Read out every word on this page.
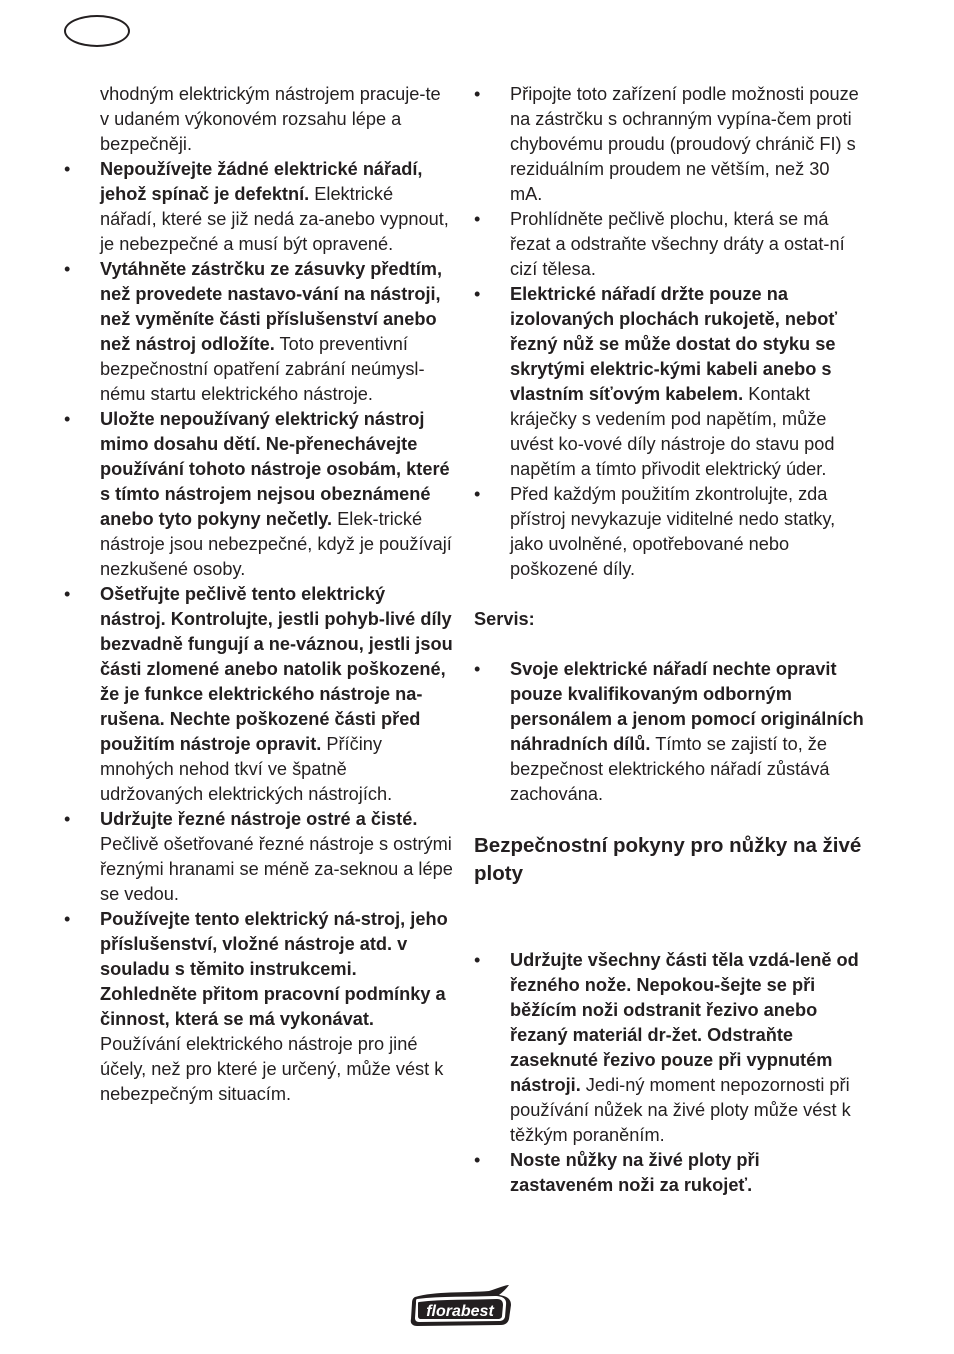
vhodným elektrickým nástrojem pracuje-te v udaném výkonovém rozsahu lépe a bezpečněji.
•	Nepoužívejte žádné elektrické nářadí, jehož spínač je defektní. Elektrické nářadí, které se již nedá za-anebo vypnout, je nebezpečné a musí být opravené.
•	Vytáhněte zástrčku ze zásuvky předtím, než provedete nastavo-vání na nástroji, než vyměníte části příslušenství anebo než nástroj odložíte. Toto preventivní bezpečnostní opatření zabrání neúmysl-nému startu elektrického nástroje.
•	Uložte nepoužívaný elektrický nástroj mimo dosahu dětí. Ne-přenechávejte používání tohoto nástroje osobám, které s tímto nástrojem nejsou obeznámené anebo tyto pokyny nečetly. Elek-trické nástroje jsou nebezpečné, když je používají nezkušené osoby.
•	Ošetřujte pečlivě tento elektrický nástroj. Kontrolujte, jestli pohyb-livé díly bezvadně fungují a ne-váznou, jestli jsou části zlomené anebo natolik poškozené, že je funkce elektrického nástroje na-rušena. Nechte poškozené části před použitím nástroje opravit. Příčiny mnohých nehod tkví ve špatně udržovaných elektrických nástrojích.
•	Udržujte řezné nástroje ostré a čisté. Pečlivě ošetřované řezné nástroje s ostrými řeznými hranami se méně za-seknou a lépe se vedou.
•	Používejte tento elektrický ná-stroj, jeho příslušenství, vložné nástroje atd. v souladu s těmito instrukcemi.
Zohledněte přitom pracovní podmínky a činnost, která se má vykonávat. Používání elektrického nástroje pro jiné účely, než pro které je určený, může vést k nebezpečným situacím.
•	Připojte toto zařízení podle možnosti pouze na zástrčku s ochranným vypína-čem proti chybovému proudu (proudový chránič FI) s reziduálním proudem ne větším, než 30 mA.
•	Prohlídněte pečlivě plochu, která se má řezat a odstraňte všechny dráty a ostat-ní cizí tělesa.
•	Elektrické nářadí držte pouze na izolovaných plochách rukojetě, neboť řezný nůž se může dostat do styku se skrytými elektric-kými kabeli anebo s vlastním síťovým kabelem. Kontakt kráječky s vedením pod napětím, může uvést ko-vové díly nástroje do stavu pod napětím a tímto přivodit elektrický úder.
•	Před každým použitím zkontrolujte, zda přístroj nevykazuje viditelné nedo statky, jako uvolněné, opotřebované nebo poškozené díly.

Servis:

•	Svoje elektrické nářadí nechte opravit pouze kvalifikovaným odborným personálem a jenom pomocí originálních náhradních dílů. Tímto se zajistí to, že bezpečnost elektrického nářadí zůstává zachována.

Bezpečnostní pokyny pro nůžky na živé ploty

•	Udržujte všechny části těla vzdá-leně od řezného nože. Nepokou-šejte se při běžícím noži odstranit řezivo anebo řezaný materiál dr-žet. Odstraňte zaseknuté řezivo pouze při vypnutém nástroji. Jedi-ný moment nepozornosti při používání nůžek na živé ploty může vést k těžkým poraněním.
•	Noste nůžky na živé ploty při zastaveném noži za rukojeť.
florabest
